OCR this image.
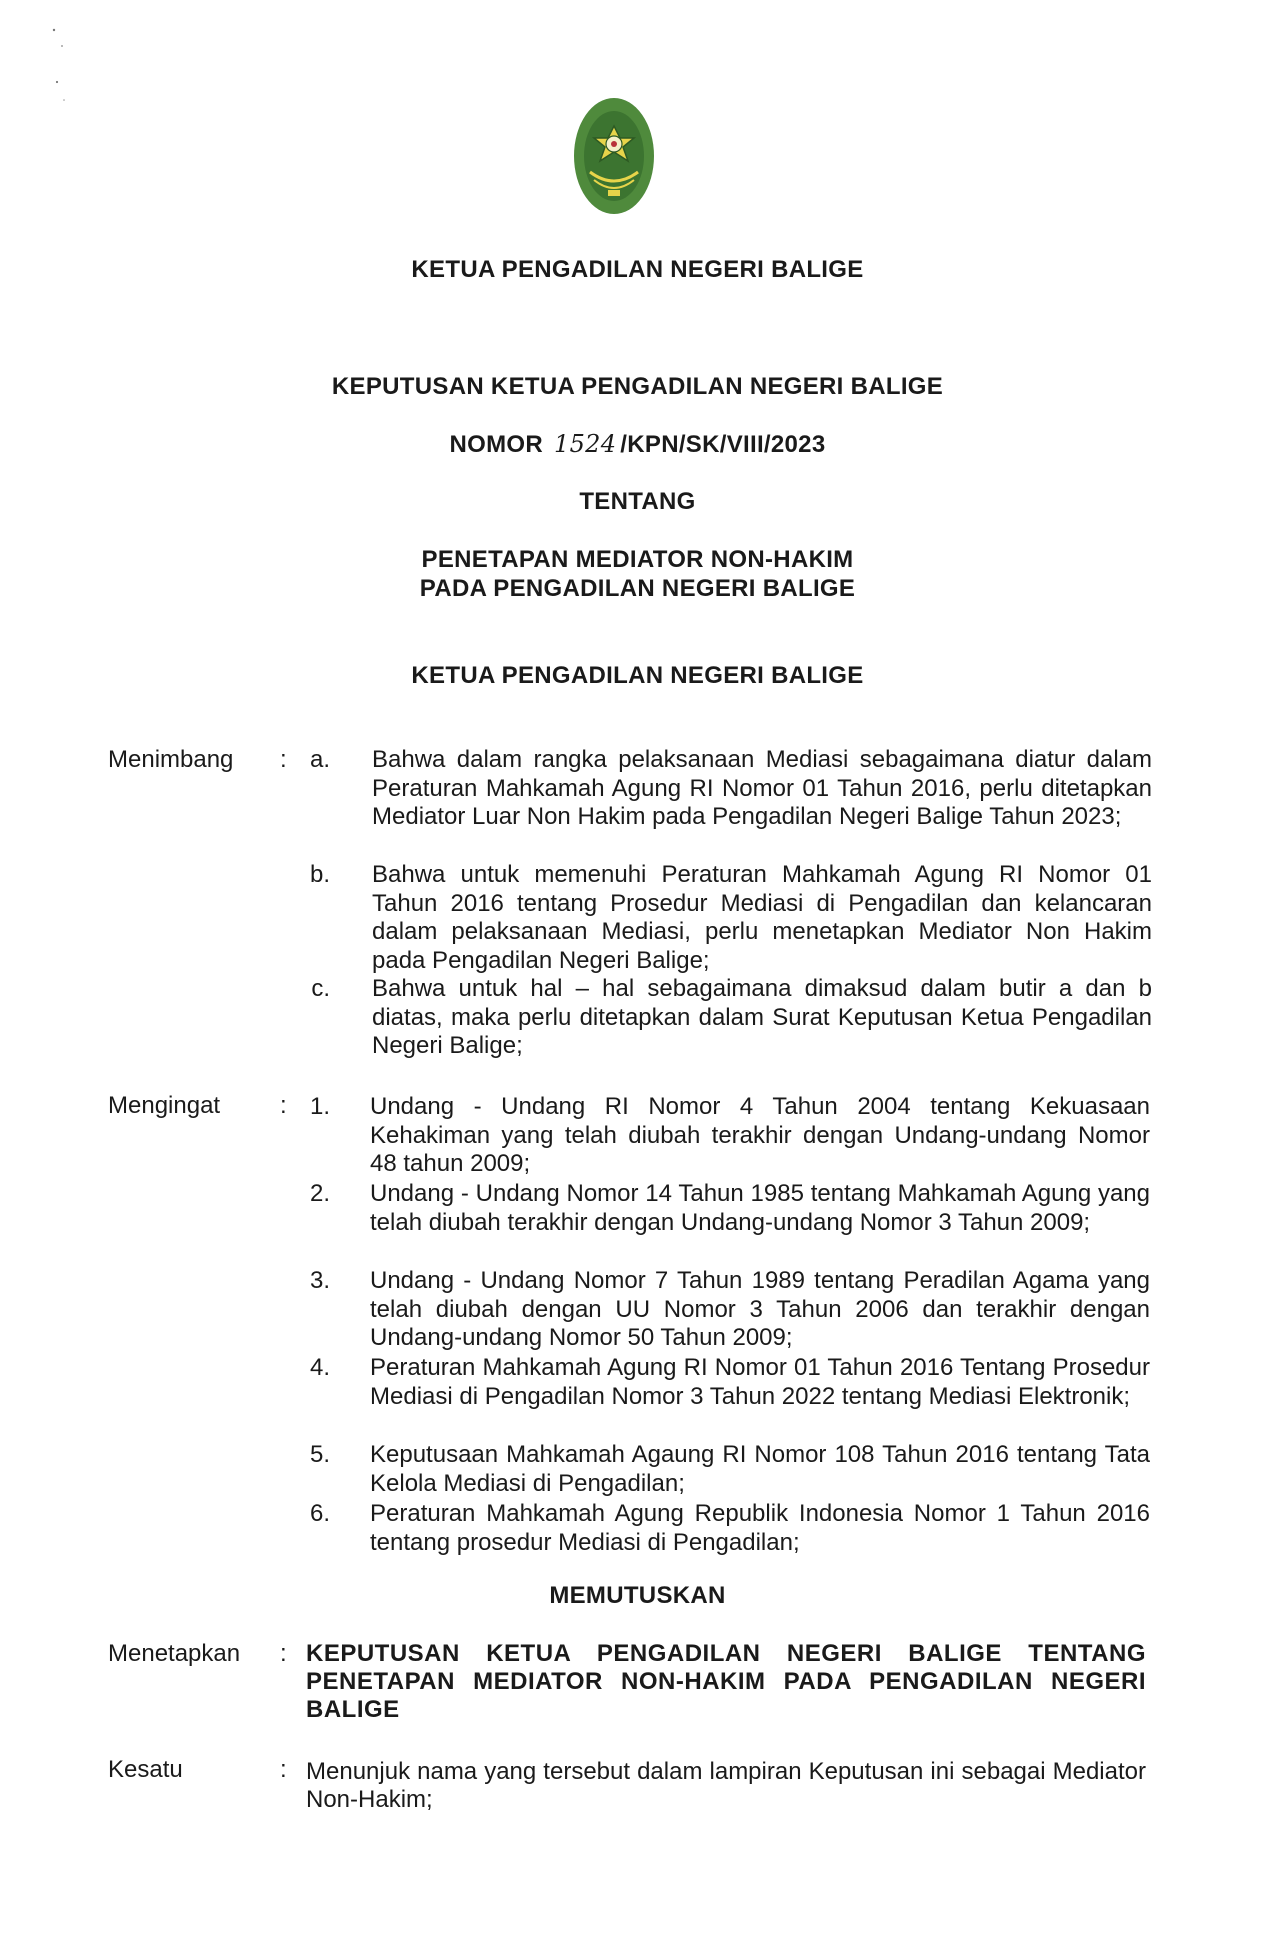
KETUA PENGADILAN NEGERI BALIGE
KEPUTUSAN KETUA PENGADILAN NEGERI BALIGE
NOMOR 1524 /KPN/SK/VIII/2023
TENTANG
PENETAPAN MEDIATOR NON-HAKIM
PADA PENGADILAN NEGERI BALIGE
KETUA PENGADILAN NEGERI BALIGE
Menimbang : a. Bahwa dalam rangka pelaksanaan Mediasi sebagaimana diatur dalam Peraturan Mahkamah Agung RI Nomor 01 Tahun 2016, perlu ditetapkan Mediator Luar Non Hakim pada Pengadilan Negeri Balige Tahun 2023;
b. Bahwa untuk memenuhi Peraturan Mahkamah Agung RI Nomor 01 Tahun 2016 tentang Prosedur Mediasi di Pengadilan dan kelancaran dalam pelaksanaan Mediasi, perlu menetapkan Mediator Non Hakim pada Pengadilan Negeri Balige;
c. Bahwa untuk hal – hal sebagaimana dimaksud dalam butir a dan b diatas, maka perlu ditetapkan dalam Surat Keputusan Ketua Pengadilan Negeri Balige;
Mengingat : 1. Undang - Undang RI Nomor 4 Tahun 2004 tentang Kekuasaan Kehakiman yang telah diubah terakhir dengan Undang-undang Nomor 48 tahun 2009;
2. Undang - Undang Nomor 14 Tahun 1985 tentang Mahkamah Agung yang telah diubah terakhir dengan Undang-undang Nomor 3 Tahun 2009;
3. Undang - Undang Nomor 7 Tahun 1989 tentang Peradilan Agama yang telah diubah dengan UU Nomor 3 Tahun 2006 dan terakhir dengan Undang-undang Nomor 50 Tahun 2009;
4. Peraturan Mahkamah Agung RI Nomor 01 Tahun 2016 Tentang Prosedur Mediasi di Pengadilan Nomor 3 Tahun 2022 tentang Mediasi Elektronik;
5. Keputusaan Mahkamah Agaung RI Nomor 108 Tahun 2016 tentang Tata Kelola Mediasi di Pengadilan;
6. Peraturan Mahkamah Agung Republik Indonesia Nomor 1 Tahun 2016 tentang prosedur Mediasi di Pengadilan;
MEMUTUSKAN
Menetapkan : KEPUTUSAN KETUA PENGADILAN NEGERI BALIGE TENTANG PENETAPAN MEDIATOR NON-HAKIM PADA PENGADILAN NEGERI BALIGE
Kesatu	: Menunjuk nama yang tersebut dalam lampiran Keputusan ini sebagai Mediator Non-Hakim;
